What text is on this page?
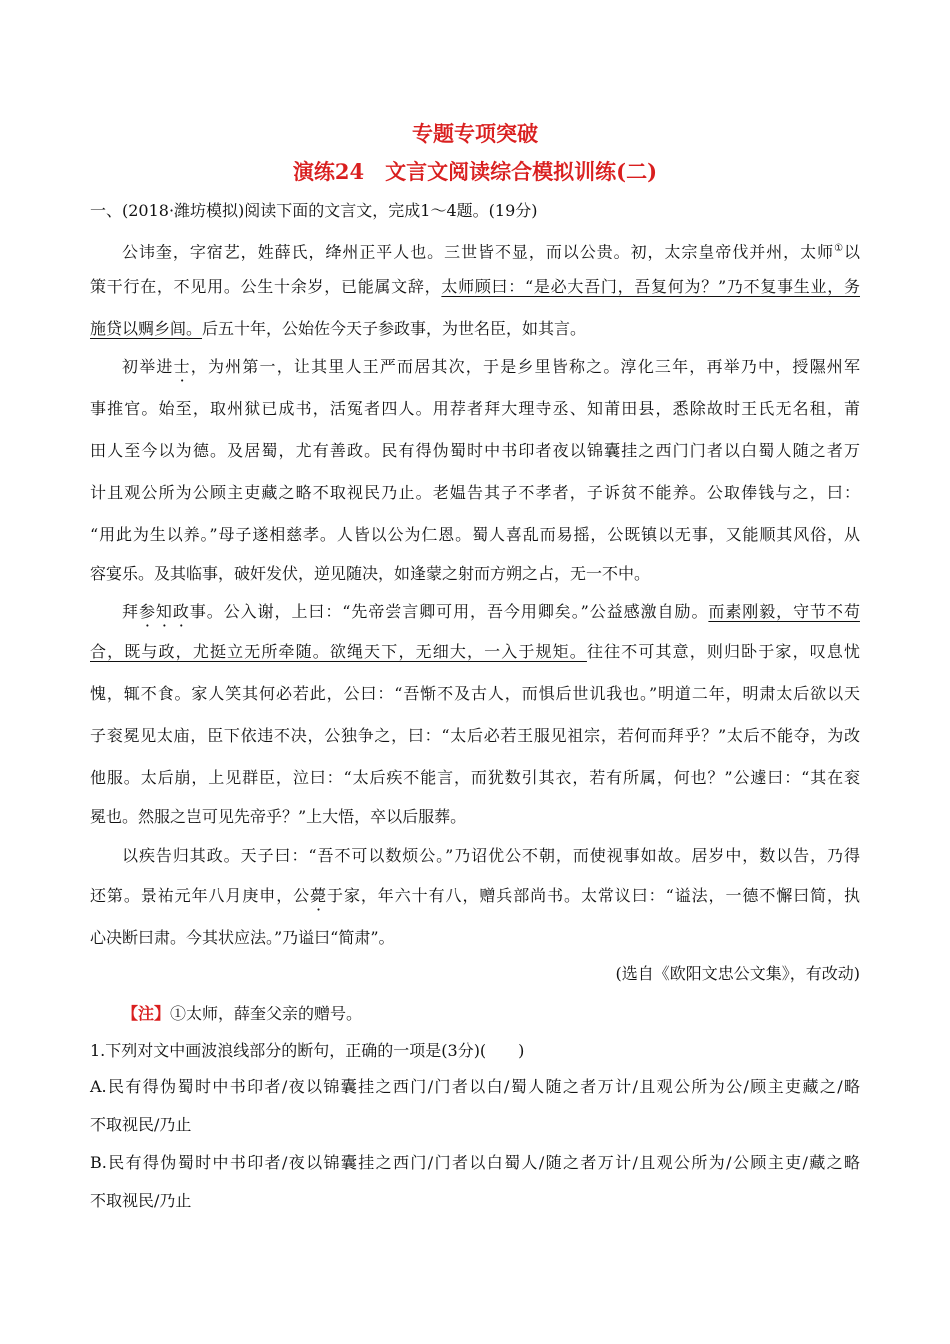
专题专项突破
演练24　文言文阅读综合模拟训练(二)
一、(2018·潍坊模拟)阅读下面的文言文，完成1～4题。(19分)
公讳奎，字宿艺，姓薛氏，绛州正平人也。三世皆不显，而以公贵。初，太宗皇帝伐并州，太师①以
策干行在，不见用。公生十余岁，已能属文辞，太师顾曰：“是必大吾门，吾复何为？”乃不复事生业，务
施贷以赒乡闾。后五十年，公始佐今天子参政事，为世名臣，如其言。
初举进士，为州第一，让其里人王严而居其次，于是乡里皆称之。淳化三年，再举乃中，授隰州军
事推官。始至，取州狱已成书，活冤者四人。用荐者拜大理寺丞、知莆田县，悉除故时王氏无名租，莆
田人至今以为德。及居蜀，尤有善政。民有得伪蜀时中书印者夜以锦囊挂之西门门者以白蜀人随之者万
计且观公所为公顾主吏藏之略不取视民乃止。老媪告其子不孝者，子诉贫不能养。公取俸钱与之，曰：
“用此为生以养。”母子遂相慈孝。人皆以公为仁恩。蜀人喜乱而易摇，公既镇以无事，又能顺其风俗，从
容宴乐。及其临事，破奸发伏，逆见随决，如逢蒙之射而方朔之占，无一不中。
拜参知政事。公入谢，上曰：“先帝尝言卿可用，吾今用卿矣。”公益感激自励。而素刚毅，守节不苟
合，既与政，尤挺立无所牵随。欲绳天下，无细大，一入于规矩。往往不可其意，则归卧于家，叹息忧
愧，辄不食。家人笑其何必若此，公曰：“吾惭不及古人，而惧后世讥我也。”明道二年，明肃太后欲以天
子衮冕见太庙，臣下依违不决，公独争之，曰：“太后必若王服见祖宗，若何而拜乎？”太后不能夺，为改
他服。太后崩，上见群臣，泣曰：“太后疾不能言，而犹数引其衣，若有所属，何也？”公遽曰：“其在衮
冕也。然服之岂可见先帝乎？”上大悟，卒以后服葬。
以疾告归其政。天子曰：“吾不可以数烦公。”乃诏优公不朝，而使视事如故。居岁中，数以告，乃得
还第。景祐元年八月庚申，公薨于家，年六十有八，赠兵部尚书。太常议曰：“谥法，一德不懈曰简，执
心决断曰肃。今其状应法。”乃谥曰“简肃”。
(选自《欧阳文忠公文集》，有改动)
【注】①太师，薛奎父亲的赠号。
1.下列对文中画波浪线部分的断句，正确的一项是(3分)(　　)
A.民有得伪蜀时中书印者/夜以锦囊挂之西门/门者以白/蜀人随之者万计/且观公所为公/顾主吏藏之/略
不取视民/乃止
B.民有得伪蜀时中书印者/夜以锦囊挂之西门/门者以白蜀人/随之者万计/且观公所为/公顾主吏/藏之略
不取视民/乃止
